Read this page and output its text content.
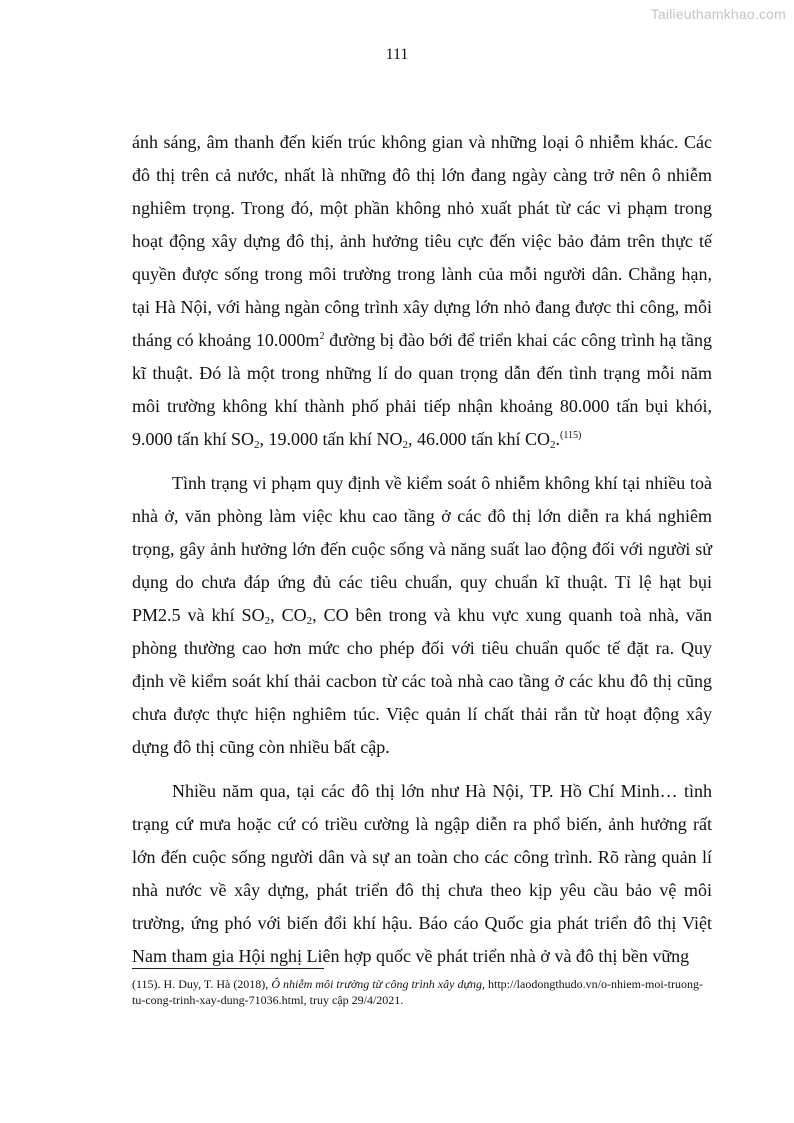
Tailieuthamkhao.com
111

ánh sáng, âm thanh đến kiến trúc không gian và những loại ô nhiễm khác. Các đô thị trên cả nước, nhất là những đô thị lớn đang ngày càng trở nên ô nhiễm nghiêm trọng. Trong đó, một phần không nhỏ xuất phát từ các vi phạm trong hoạt động xây dựng đô thị, ảnh hưởng tiêu cực đến việc bảo đảm trên thực tế quyền được sống trong môi trường trong lành của mỗi người dân. Chẳng hạn, tại Hà Nội, với hàng ngàn công trình xây dựng lớn nhỏ đang được thi công, mỗi tháng có khoảng $10.000m^2$ đường bị đào bới để triển khai các công trình hạ tầng kĩ thuật. Đó là một trong những lí do quan trọng dẫn đến tình trạng mỗi năm môi trường không khí thành phố phải tiếp nhận khoảng 80.000 tấn bụi khói, 9.000 tấn khí $SO_2$, 19.000 tấn khí $NO_2$, 46.000 tấn khí $CO_2.^{(115)}$

Tình trạng vi phạm quy định về kiểm soát ô nhiễm không khí tại nhiều toà nhà ở, văn phòng làm việc khu cao tầng ở các đô thị lớn diễn ra khá nghiêm trọng, gây ảnh hưởng lớn đến cuộc sống và năng suất lao động đối với người sử dụng do chưa đáp ứng đủ các tiêu chuẩn, quy chuẩn kĩ thuật. Tỉ lệ hạt bụi PM2.5 và khí $SO_2$, $CO_2$, CO bên trong và khu vực xung quanh toà nhà, văn phòng thường cao hơn mức cho phép đối với tiêu chuẩn quốc tế đặt ra. Quy định về kiểm soát khí thải cacbon từ các toà nhà cao tầng ở các khu đô thị cũng chưa được thực hiện nghiêm túc. Việc quản lí chất thải rắn từ hoạt động xây dựng đô thị cũng còn nhiều bất cập.

Nhiều năm qua, tại các đô thị lớn như Hà Nội, TP. Hồ Chí Minh… tình trạng cứ mưa hoặc cứ có triều cường là ngập diễn ra phổ biến, ảnh hưởng rất lớn đến cuộc sống người dân và sự an toàn cho các công trình. Rõ ràng quản lí nhà nước về xây dựng, phát triển đô thị chưa theo kịp yêu cầu bảo vệ môi trường, ứng phó với biến đổi khí hậu. Báo cáo Quốc gia phát triển đô thị Việt Nam tham gia Hội nghị Liên hợp quốc về phát triển nhà ở và đô thị bền vững

(115). H. Duy, T. Hà (2018), Ô nhiễm môi trường từ công trình xây dựng, http://laodongthudo.vn/o-nhiem-moi-truong-tu-cong-trinh-xay-dung-71036.html, truy cập 29/4/2021.
